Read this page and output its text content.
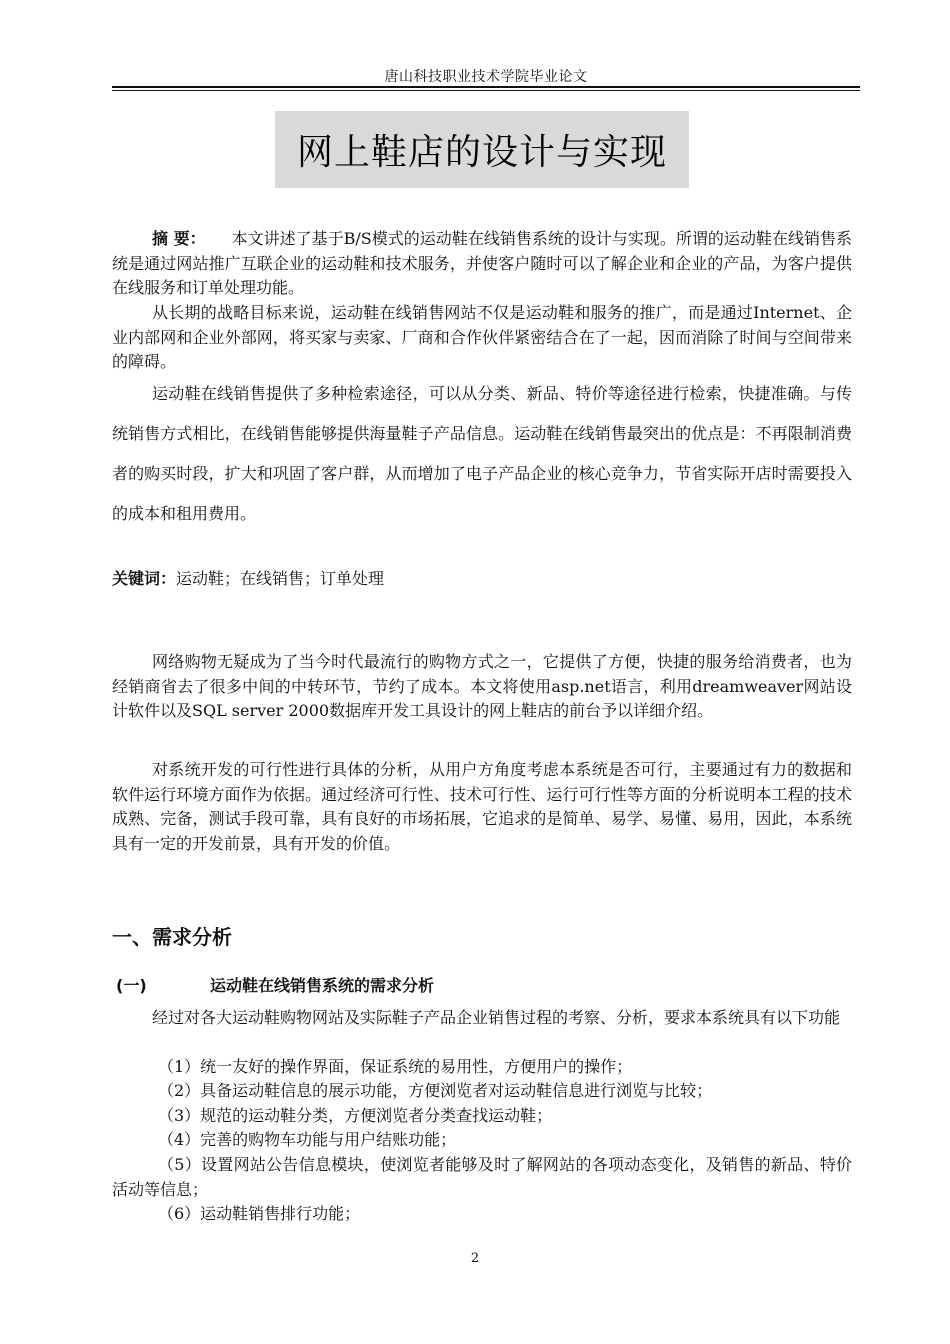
唐山科技职业技术学院毕业论文
网上鞋店的设计与实现

摘 要： 本文讲述了基于B/S模式的运动鞋在线销售系统的设计与实现。所谓的运动鞋在线销售系统是通过网站推广互联企业的运动鞋和技术服务，并使客户随时可以了解企业和企业的产品，为客户提供在线服务和订单处理功能。

从长期的战略目标来说，运动鞋在线销售网站不仅是运动鞋和服务的推广，而是通过Internet、企业内部网和企业外部网，将买家与卖家、厂商和合作伙伴紧密结合在了一起，因而消除了时间与空间带来的障碍。

运动鞋在线销售提供了多种检索途径，可以从分类、新品、特价等途径进行检索，快捷准确。与传统销售方式相比，在线销售能够提供海量鞋子产品信息。运动鞋在线销售最突出的优点是：不再限制消费者的购买时段，扩大和巩固了客户群，从而增加了电子产品企业的核心竞争力，节省实际开店时需要投入的成本和租用费用。

关键词：运动鞋；在线销售；订单处理

网络购物无疑成为了当今时代最流行的购物方式之一，它提供了方便，快捷的服务给消费者，也为经销商省去了很多中间的中转环节，节约了成本。本文将使用asp.net语言，利用dreamweaver网站设计软件以及SQL server 2000数据库开发工具设计的网上鞋店的前台予以详细介绍。

对系统开发的可行性进行具体的分析，从用户方角度考虑本系统是否可行，主要通过有力的数据和软件运行环境方面作为依据。通过经济可行性、技术可行性、运行可行性等方面的分析说明本工程的技术成熟、完备，测试手段可靠，具有良好的市场拓展，它追求的是简单、易学、易懂、易用，因此，本系统具有一定的开发前景，具有开发的价值。

一、需求分析
(一)	运动鞋在线销售系统的需求分析

经过对各大运动鞋购物网站及实际鞋子产品企业销售过程的考察、分析，要求本系统具有以下功能

（1）统一友好的操作界面，保证系统的易用性，方便用户的操作；

（2）具备运动鞋信息的展示功能，方便浏览者对运动鞋信息进行浏览与比较；

（3）规范的运动鞋分类，方便浏览者分类查找运动鞋；

（4）完善的购物车功能与用户结账功能；

（5）设置网站公告信息模块，使浏览者能够及时了解网站的各项动态变化，及销售的新品、特价活动等信息；

（6）运动鞋销售排行功能；

2
